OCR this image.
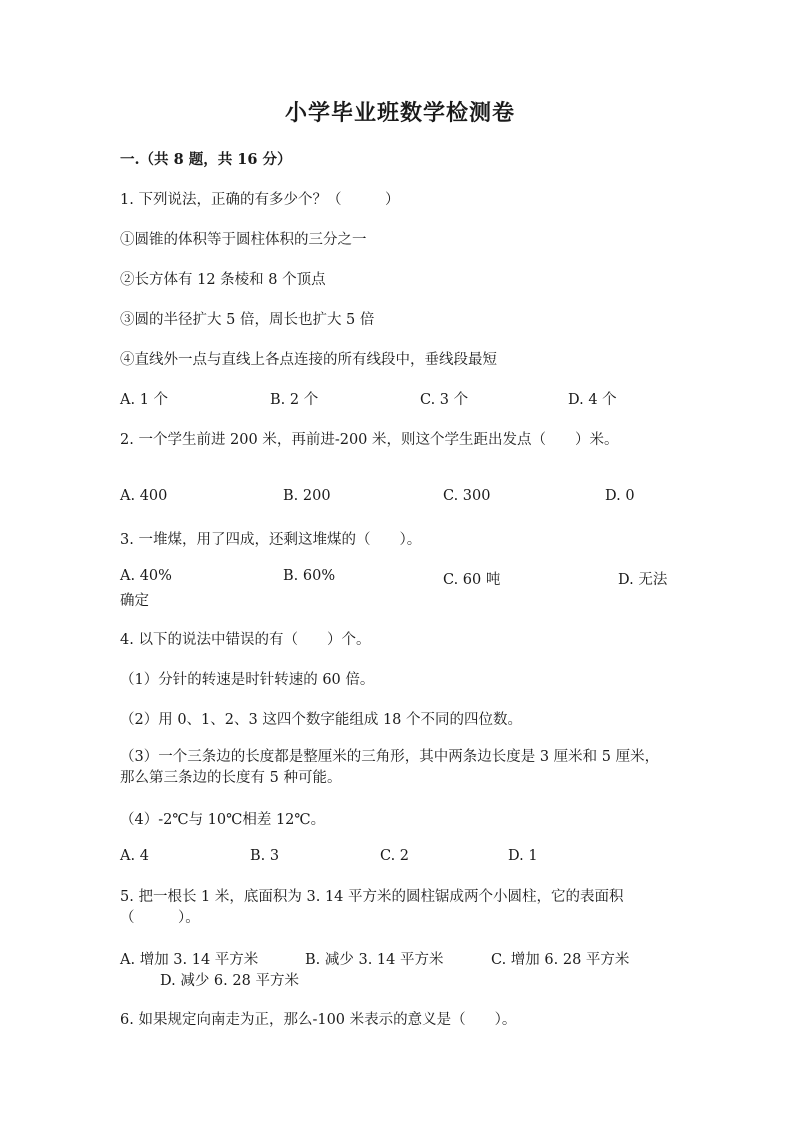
小学毕业班数学检测卷
一.（共 8 题，共 16 分）
1. 下列说法，正确的有多少个？（　　　）
①圆锥的体积等于圆柱体积的三分之一
②长方体有 12 条棱和 8 个顶点
③圆的半径扩大 5 倍，周长也扩大 5 倍
④直线外一点与直线上各点连接的所有线段中，垂线段最短
A. 1 个	B. 2 个	C. 3 个	D. 4 个
2. 一个学生前进 200 米，再前进-200 米，则这个学生距出发点（　　）米。
A. 400	B. 200	C. 300	D. 0
3. 一堆煤，用了四成，还剩这堆煤的（　　）。
A. 40%	B. 60%	C. 60 吨	D. 无法
确定
4. 以下的说法中错误的有（　　）个。
（1）分针的转速是时针转速的 60 倍。
（2）用 0、1、2、3 这四个数字能组成 18 个不同的四位数。
（3）一个三条边的长度都是整厘米的三角形，其中两条边长度是 3 厘米和 5 厘米，那么第三条边的长度有 5 种可能。
（4）-2℃与 10℃相差 12℃。
A. 4	B. 3	C. 2	D. 1
5. 把一根长 1 米，底面积为 3. 14 平方米的圆柱锯成两个小圆柱，它的表面积（　　　）。
A. 增加 3. 14 平方米	B. 减少 3. 14 平方米	C. 增加 6. 28 平方米
D. 减少 6. 28 平方米
6. 如果规定向南走为正，那么-100 米表示的意义是（　　）。
